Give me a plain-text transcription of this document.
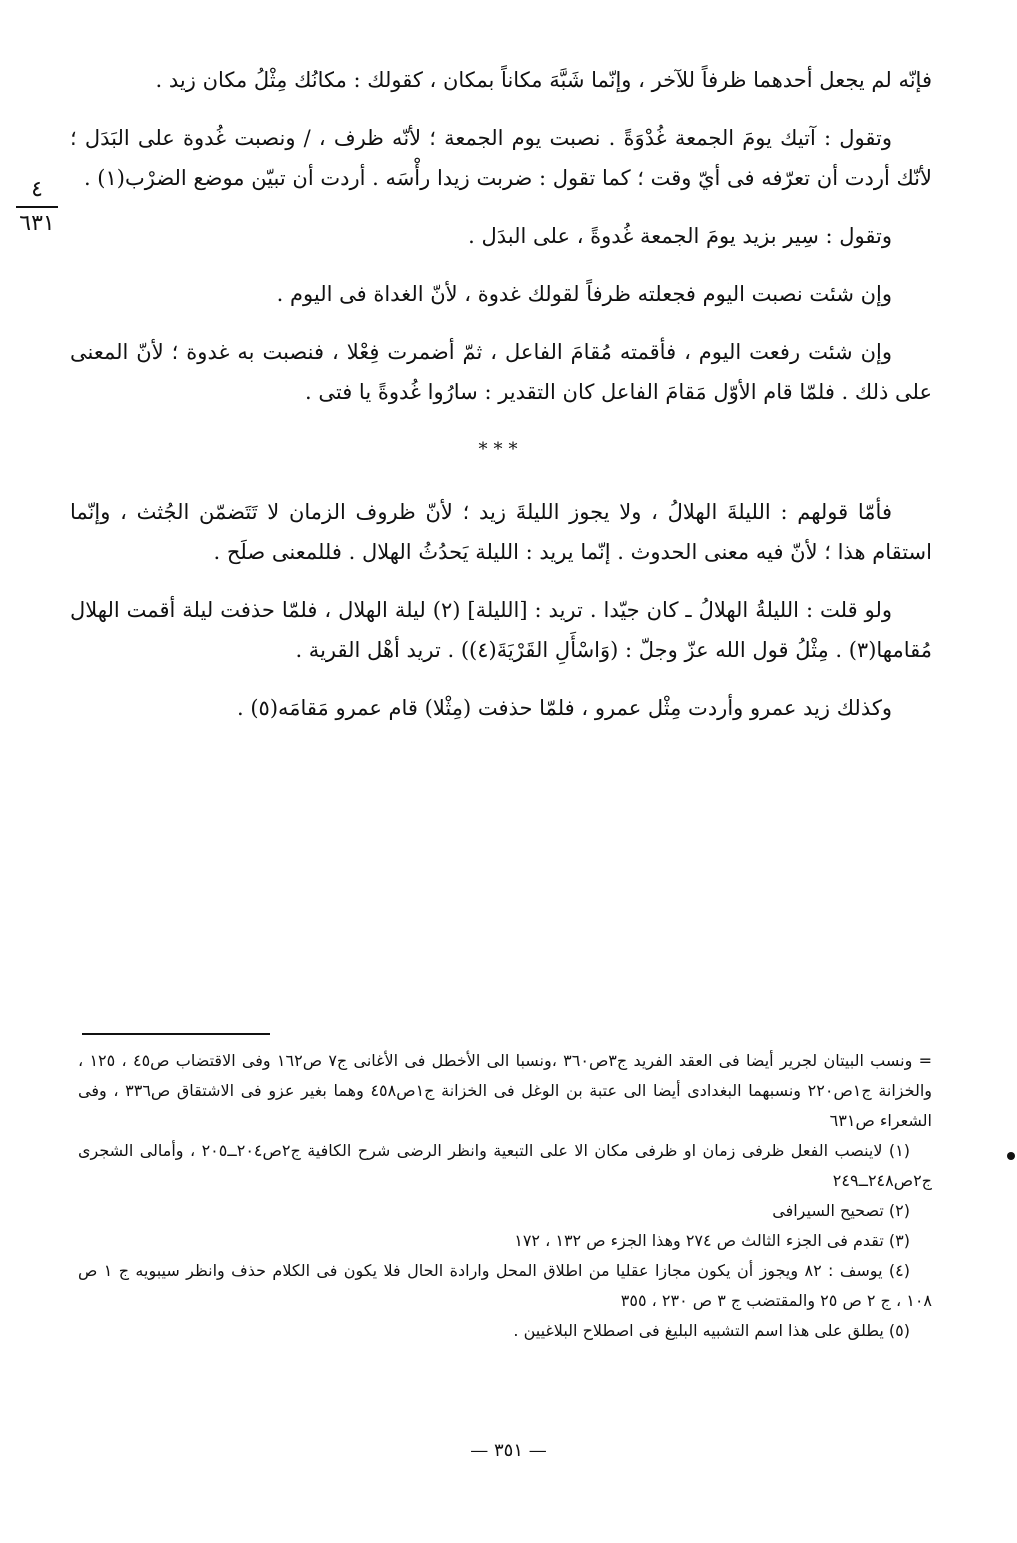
٤
٦٣١

فإنّه لم يجعل أحدهما ظرفاً للآخر ، وإنّما شَبَّهَ مكاناً بمكان ، كقولك : مكانُك مِثْلُ مكان زيد .

وتقول : آتيك يومَ الجمعة غُدْوَةً . نصبت يوم الجمعة ؛ لأنّه ظرف ، / ونصبت غُدوة على البَدَل ؛ لأنّك أردت أن تعرّفه فى أيّ وقت ؛ كما تقول : ضربت زيدا رأْسَه . أردت أن تبيّن موضع الضرْب(١) .

وتقول : سِير بزيد يومَ الجمعة غُدوةً ، على البدَل .

وإن شئت نصبت اليوم فجعلته ظرفاً لقولك غدوة ، لأنّ الغداة فى اليوم .

وإن شئت رفعت اليوم ، فأقمته مُقامَ الفاعل ، ثمّ أضمرت فِعْلا ، فنصبت به غدوة ؛ لأنّ المعنى على ذلك . فلمّا قام الأوّل مَقامَ الفاعل كان التقدير : سارُوا غُدوةً يا فتى .

***

فأمّا قولهم : الليلةَ الهلالُ ، ولا يجوز الليلةَ زيد ؛ لأنّ ظروف الزمان لا تَتَضمّن الجُثث ، وإنّما استقام هذا ؛ لأنّ فيه معنى الحدوث . إنّما يريد : الليلة يَحدُثُ الهلال . فللمعنى صلَح .

ولو قلت : الليلةُ الهلالُ ـ كان جيّدا . تريد : [الليلة] (٢) ليلة الهلال ، فلمّا حذفت ليلة أقمت الهلال مُقامها(٣) . مِثْلُ قول الله عزّ وجلّ : (وَاسْأَلِ القَرْيَةَ(٤)) . تريد أهْل القرية .

وكذلك زيد عمرو وأردت مِثْل عمرو ، فلمّا حذفت (مِثْلا) قام عمرو مَقامَه(٥) .

= ونسب البيتان لجرير أيضا فى العقد الفريد ج٣ص٣٦٠ ،ونسبا الى الأخطل فى الأغانى ج٧ ص١٦٢ وفى الاقتضاب ص٤٥ ، ١٢٥ ، والخزانة ج١ص٢٢٠ ونسبهما البغدادى أيضا الى عتبة بن الوغل فى الخزانة ج١ص٤٥٨ وهما بغير عزو فى الاشتقاق ص٣٣٦ ، وفى الشعراء ص٦٣١

(١) لاينصب الفعل ظرفى زمان او ظرفى مكان الا على التبعية وانظر الرضى شرح الكافية ج٢ص٢٠٤ــ٢٠٥ ، وأمالى الشجرى ج٢ص٢٤٨ــ٢٤٩

(٢) تصحيح السيرافى

(٣) تقدم فى الجزء الثالث ص ٢٧٤ وهذا الجزء ص ١٣٢ ، ١٧٢

(٤) يوسف : ٨٢ ويجوز أن يكون مجازا عقليا من اطلاق المحل وارادة الحال فلا يكون فى الكلام حذف وانظر سيبويه ج ١ ص ١٠٨ ، ج ٢ ص ٢٥ والمقتضب ج ٣ ص ٢٣٠ ، ٣٥٥

(٥) يطلق على هذا اسم التشبيه البليغ فى اصطلاح البلاغيين .

— ٣٥١ —
